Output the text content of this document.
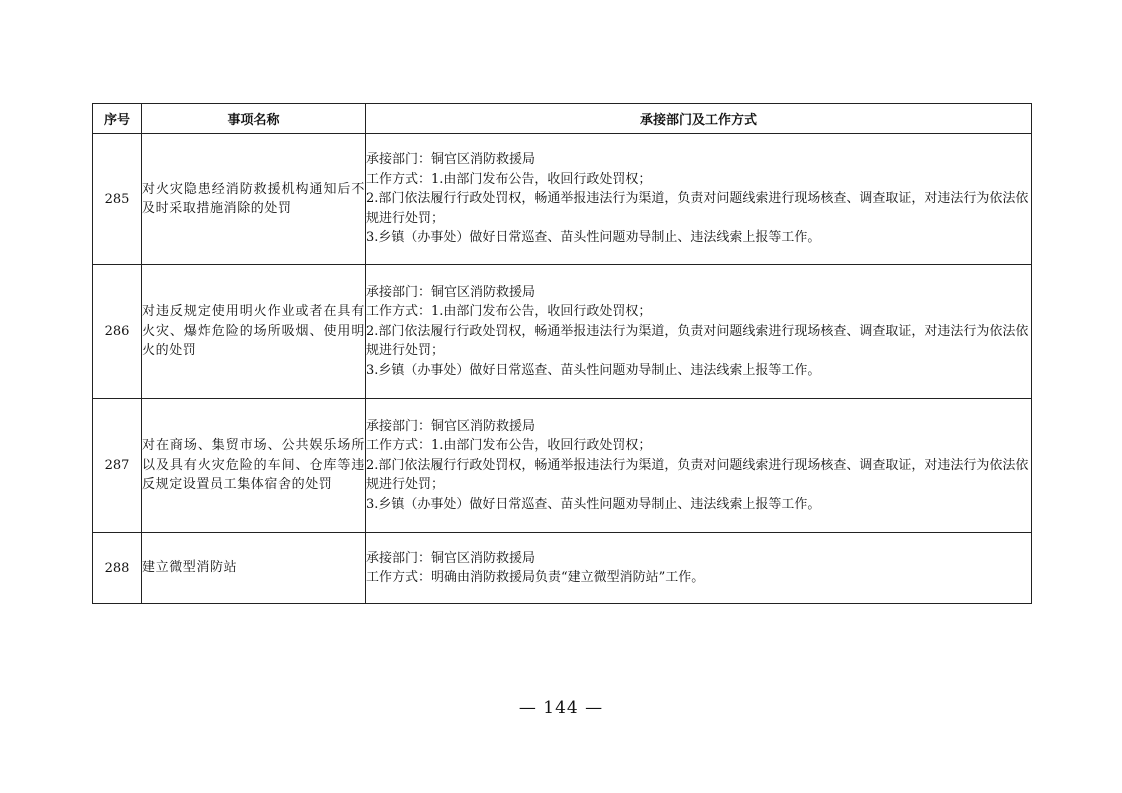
序号	事项名称	承接部门及工作方式
285	对火灾隐患经消防救援机构通知后不及时采取措施消除的处罚	承接部门：铜官区消防救援局
工作方式：1.由部门发布公告，收回行政处罚权；
2.部门依法履行行政处罚权，畅通举报违法行为渠道，负责对问题线索进行现场核查、调查取证，对违法行为依法依规进行处罚；
3.乡镇（办事处）做好日常巡查、苗头性问题劝导制止、违法线索上报等工作。

286	对违反规定使用明火作业或者在具有火灾、爆炸危险的场所吸烟、使用明火的处罚	承接部门：铜官区消防救援局
工作方式：1.由部门发布公告，收回行政处罚权；
2.部门依法履行行政处罚权，畅通举报违法行为渠道，负责对问题线索进行现场核查、调查取证，对违法行为依法依规进行处罚；
3.乡镇（办事处）做好日常巡查、苗头性问题劝导制止、违法线索上报等工作。

287	对在商场、集贸市场、公共娱乐场所以及具有火灾危险的车间、仓库等违反规定设置员工集体宿舍的处罚	承接部门：铜官区消防救援局
工作方式：1.由部门发布公告，收回行政处罚权；
2.部门依法履行行政处罚权，畅通举报违法行为渠道，负责对问题线索进行现场核查、调查取证，对违法行为依法依规进行处罚；
3.乡镇（办事处）做好日常巡查、苗头性问题劝导制止、违法线索上报等工作。

288	建立微型消防站	承接部门：铜官区消防救援局
工作方式：明确由消防救援局负责“建立微型消防站”工作。
— 144 —
